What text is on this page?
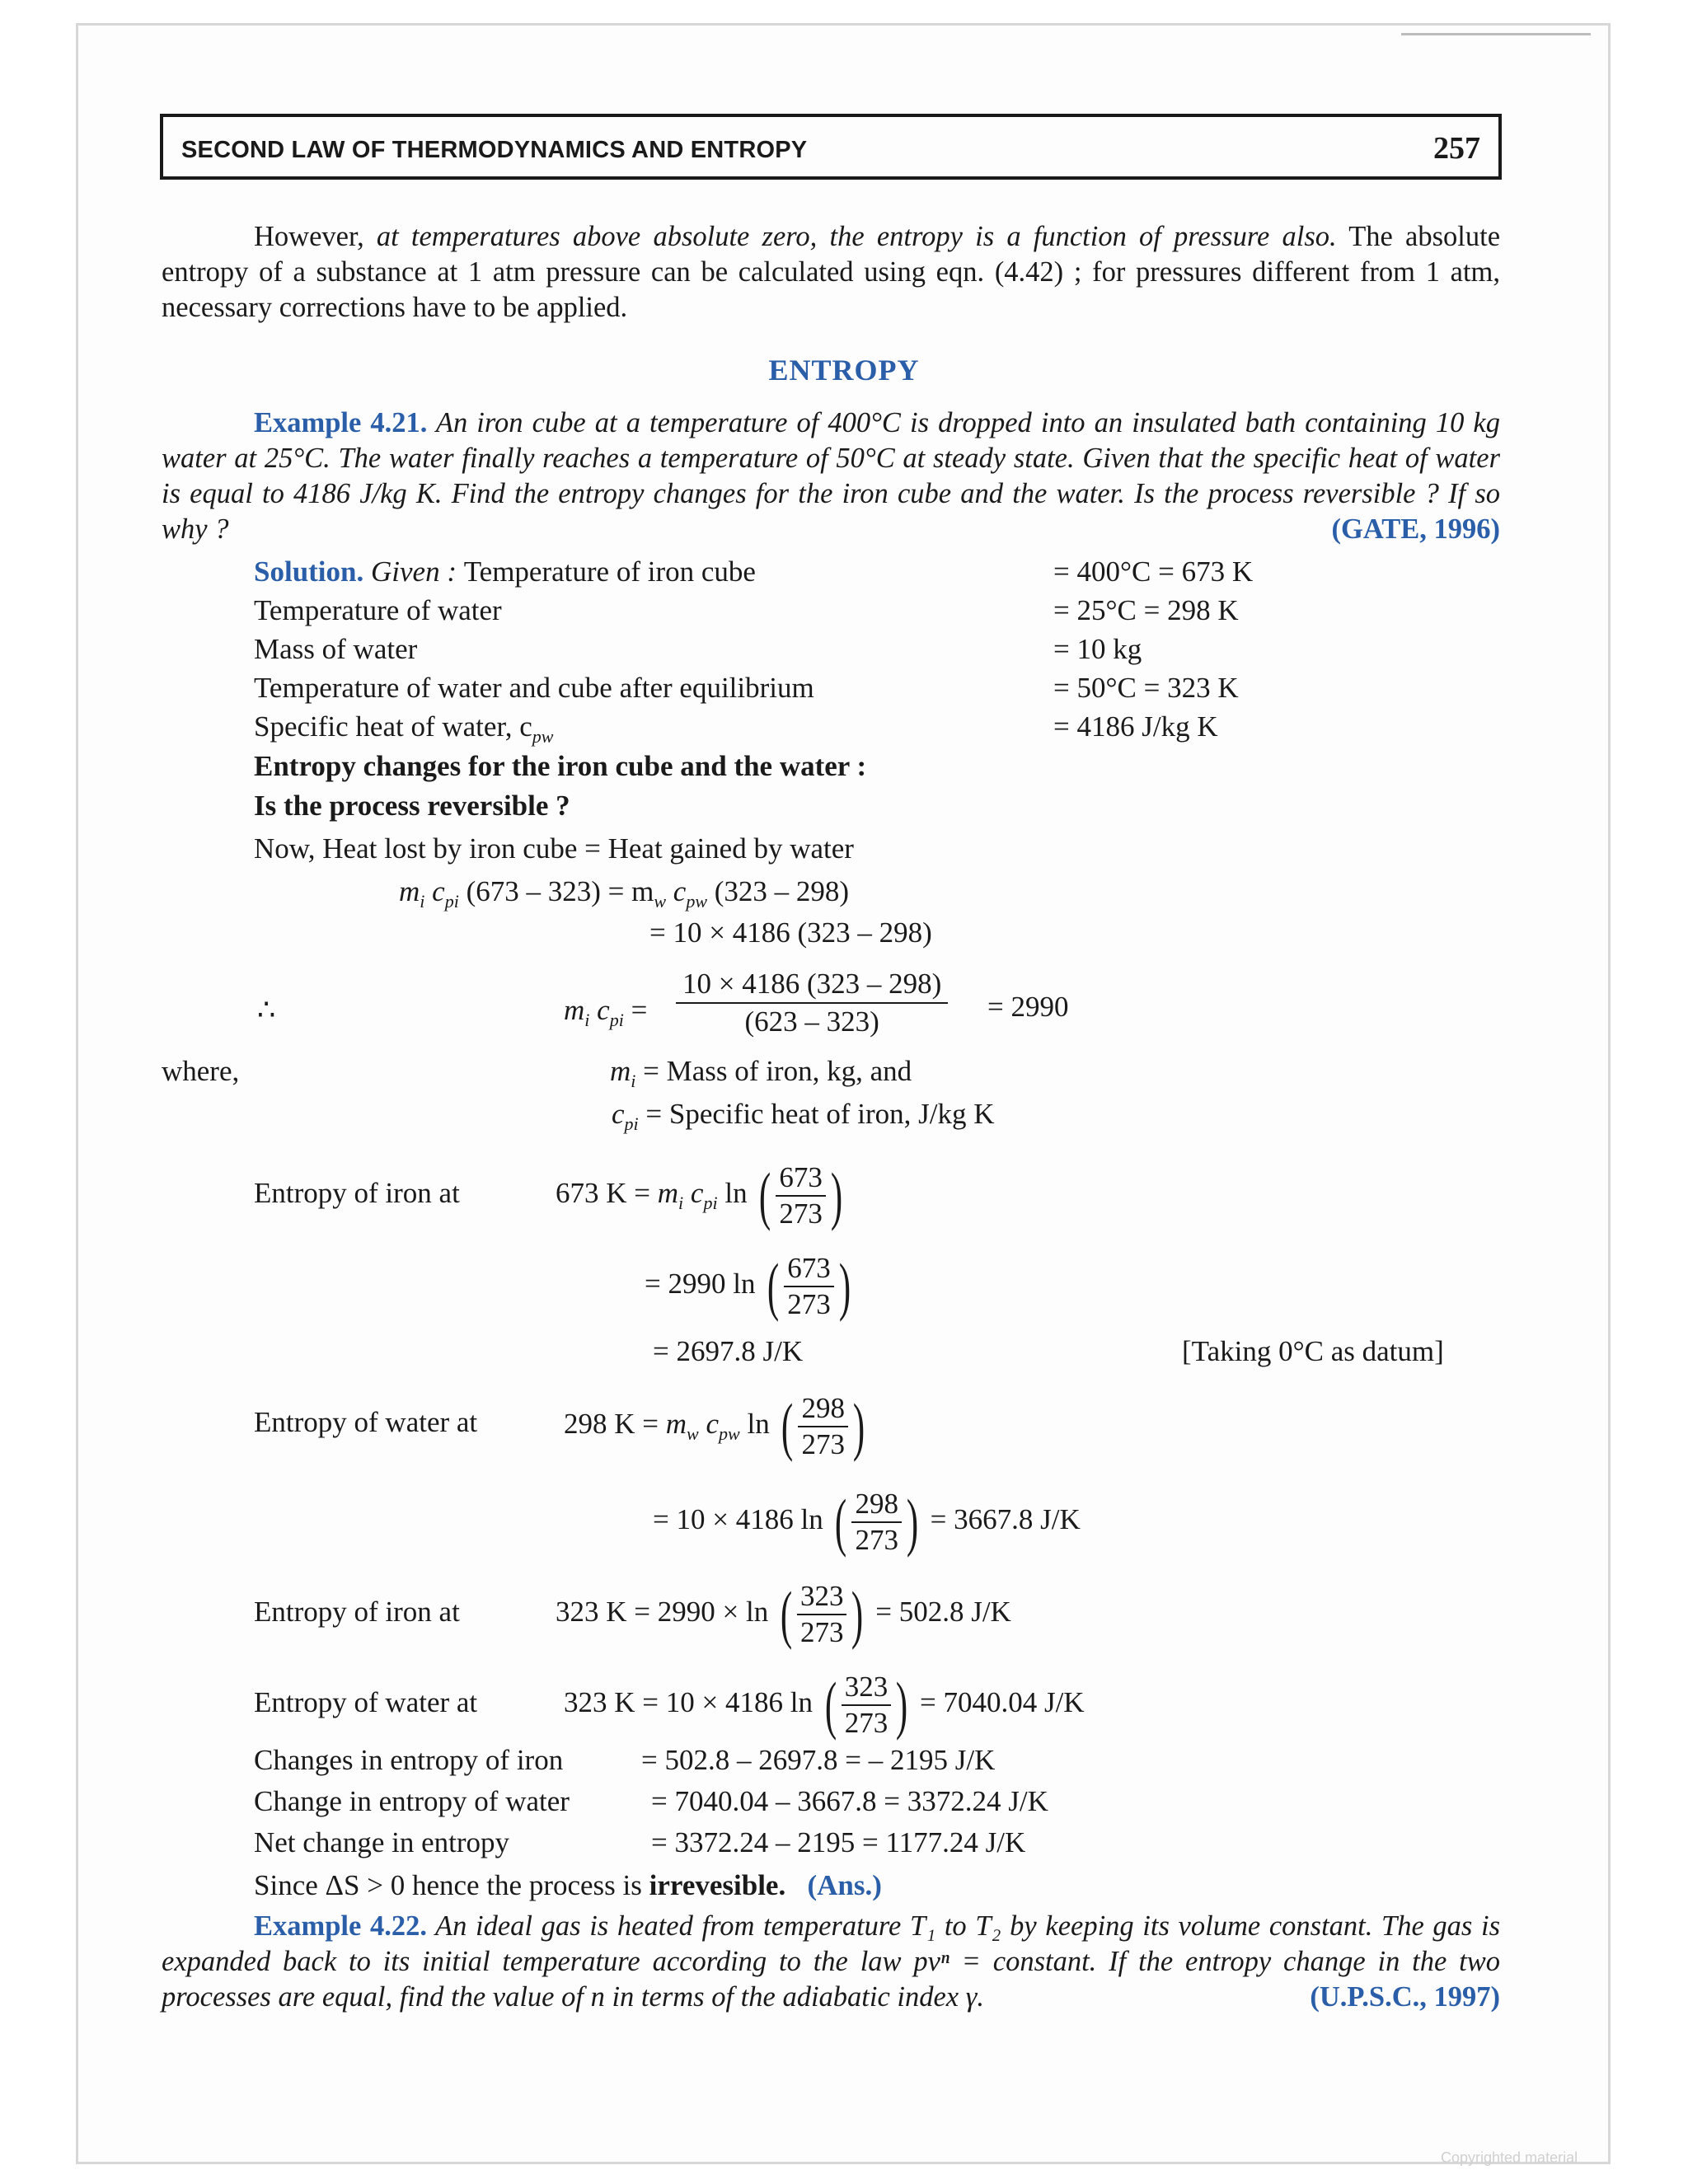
SECOND LAW OF THERMODYNAMICS AND ENTROPY	257
However, at temperatures above absolute zero, the entropy is a function of pressure also. The absolute entropy of a substance at 1 atm pressure can be calculated using eqn. (4.42) ; for pressures different from 1 atm, necessary corrections have to be applied.
ENTROPY
Example 4.21. An iron cube at a temperature of 400°C is dropped into an insulated bath containing 10 kg water at 25°C. The water finally reaches a temperature of 50°C at steady state. Given that the specific heat of water is equal to 4186 J/kg K. Find the entropy changes for the iron cube and the water. Is the process reversible ? If so why ?	(GATE, 1996)
Solution. Given : Temperature of iron cube	= 400°C = 673 K
Temperature of water	= 25°C = 298 K
Mass of water	= 10 kg
Temperature of water and cube after equilibrium	= 50°C = 323 K
Specific heat of water, $c_{pw}$	= 4186 J/kg K
Entropy changes for the iron cube and the water :
Is the process reversible ?
Now, Heat lost by iron cube = Heat gained by water
$m_i$ $c_{pi}$ $(673 - 323) = m_w$ $c_{pw}$ (323 – 298)
= 10 × 4186 (323 – 298)
∴	$m_i$ $c_{pi} = \frac{10 \times 4186 (323 - 298)}{(623 - 323)} = 2990$
where,	$m_i$ = Mass of iron, kg, and
$c_{pi}$ = Specific heat of iron, J/kg K
Entropy of iron at	673 $K = m_i$ $c_{pi}$ ln ( $\frac{673}{273}$)
= 2990 ln ( $\frac{673}{273}$)
= 2697.8 J/K	[Taking 0°C as datum]
Entropy of water at	298 $K = m_w$ $c_{pw}$ ln ( $\frac{298}{273}$)
= 10 × 4186 ln ( $\frac{298}{273}) = 3667.8$ J/K
Entropy of iron at	323 K = 2990 × ln ( $\frac{323}{273}) = 502.8$ J/K
Entropy of water at	323 K = 10 × 4186 ln ( $\frac{323}{273}) = 7040.04$ J/K
Changes in entropy of iron	= 502.8 – 2697.8 = – 2195 J/K
Change in entropy of water	= 7040.04 – 3667.8 = 3372.24 J/K
Net change in entropy	= 3372.24 – 2195 = 1177.24 J/K
Since ΔS > 0 hence the process is irrevesible. (Ans.)
Example 4.22. An ideal gas is heated from temperature T₁ to T₂ by keeping its volume constant. The gas is expanded back to its initial temperature according to the law pvⁿ = constant. If the entropy change in the two processes are equal, find the value of n in terms of the adiabatic index γ.	(U.P.S.C., 1997)
Copyrighted material
